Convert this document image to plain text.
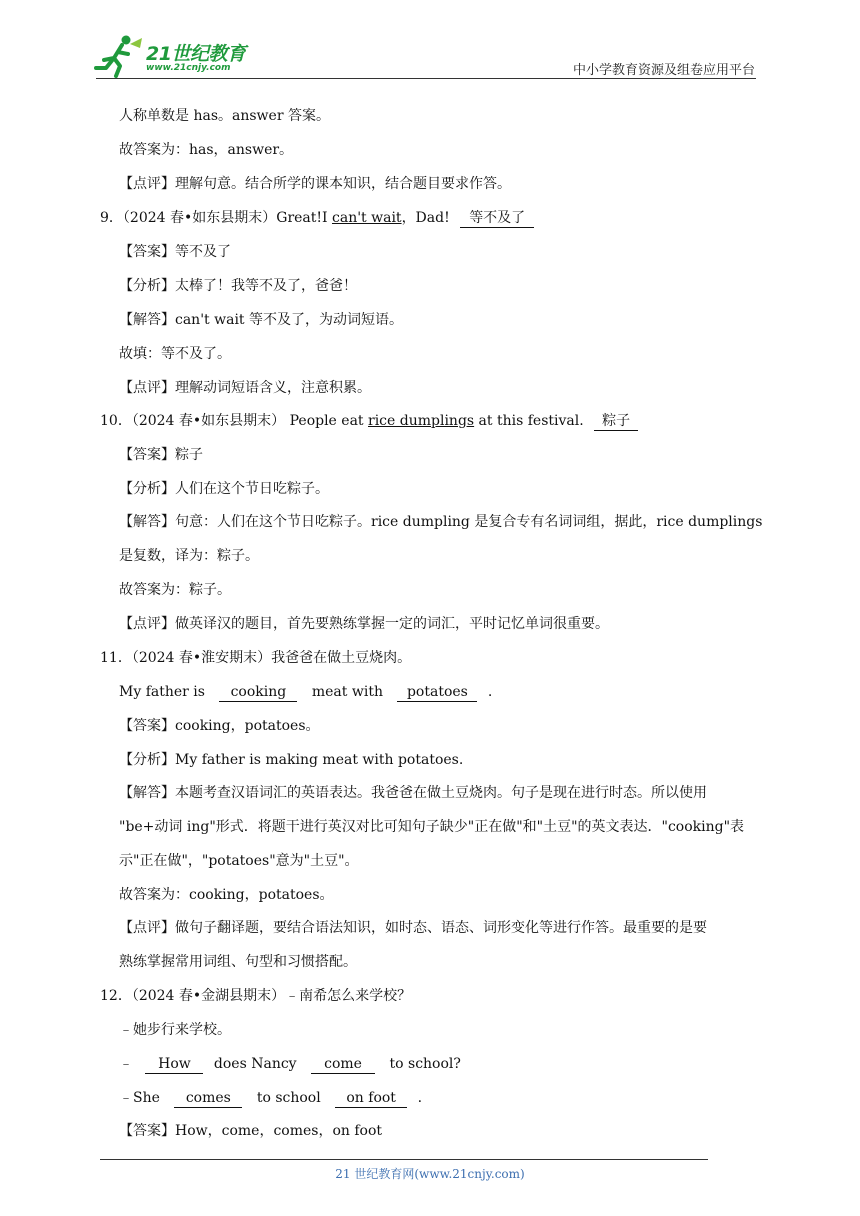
21世纪教育
www.21cnjy.com	中小学教育资源及组卷应用平台
人称单数是 has。answer 答案。
故答案为：has，answer。
【点评】理解句意。结合所学的课本知识，结合题目要求作答。
9．（2024 春•如东县期末）Great!I can't wait，Dad! 等不及了
【答案】等不及了
【分析】太棒了！我等不及了，爸爸！
【解答】can't wait 等不及了，为动词短语。
故填：等不及了。
【点评】理解动词短语含义，注意积累。
10．（2024 春•如东县期末） People eat rice dumplings at this festival. 粽子
【答案】粽子
【分析】人们在这个节日吃粽子。
【解答】句意：人们在这个节日吃粽子。rice dumpling 是复合专有名词词组，据此，rice dumplings
是复数，译为：粽子。
故答案为：粽子。
【点评】做英译汉的题目，首先要熟练掌握一定的词汇，平时记忆单词很重要。
11．（2024 春•淮安期末）我爸爸在做土豆烧肉。
My father is cooking meat with potatoes .
【答案】cooking，potatoes。
【分析】My father is making meat with potatoes.
【解答】本题考查汉语词汇的英语表达。我爸爸在做土豆烧肉。句子是现在进行时态。所以使用
"be+动词 ing"形式．将题干进行英汉对比可知句子缺少"正在做"和"土豆"的英文表达．"cooking"表
示"正在做"，"potatoes"意为"土豆"。
故答案为：cooking，potatoes。
【点评】做句子翻译题，要结合语法知识，如时态、语态、词形变化等进行作答。最重要的是要
熟练掌握常用词组、句型和习惯搭配。
12．（2024 春•金湖县期末）﹣南希怎么来学校？
﹣她步行来学校。
﹣ How does Nancy come to school?
﹣She comes to school on foot .
【答案】How，come，comes，on foot
21 世纪教育网(www.21cnjy.com)
